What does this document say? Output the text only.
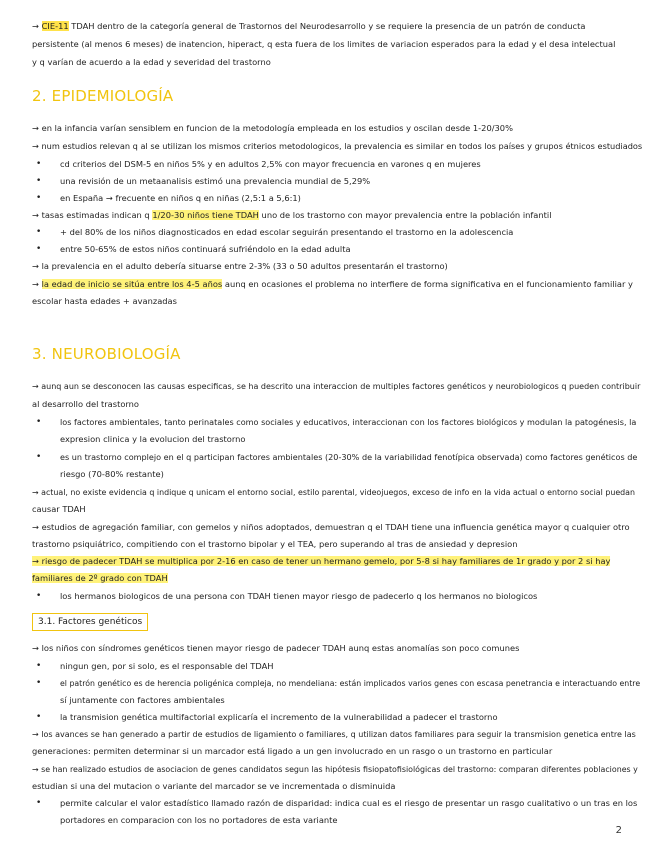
→ CIE-11 TDAH dentro de la categoría general de Trastornos del Neurodesarrollo y se requiere la presencia de un patrón de conducta
persistente (al menos 6 meses) de inatencion, hiperact, q esta fuera de los limites de variacion esperados para la edad y el desa intelectual
y q varían de acuerdo a la edad y severidad del trastorno
2. EPIDEMIOLOGÍA
→ en la infancia varían sensiblem en funcion de la metodología empleada en los estudios y oscilan desde 1-20/30%
→ num estudios relevan q al se utilizan los mismos criterios metodologicos, la prevalencia es similar en todos los países y grupos étnicos estudiados
• cd criterios del DSM-5 en niños 5% y en adultos 2,5% con mayor frecuencia en varones q en mujeres
• una revisión de un metaanalisis estimó una prevalencia mundial de 5,29%
• en España → frecuente en niños q en niñas (2,5:1 a 5,6:1)
→ tasas estimadas indican q 1/20-30 niños tiene TDAH uno de los trastorno con mayor prevalencia entre la población infantil
• + del 80% de los niños diagnosticados en edad escolar seguirán presentando el trastorno en la adolescencia
• entre 50-65% de estos niños continuará sufriéndolo en la edad adulta
→ la prevalencia en el adulto debería situarse entre 2-3% (33 o 50 adultos presentarán el trastorno)
→ la edad de inicio se sitúa entre los 4-5 años aunq en ocasiones el problema no interfiere de forma significativa en el funcionamiento familiar y
escolar hasta edades + avanzadas
3. NEUROBIOLOGÍA
→ aunq aun se desconocen las causas especificas, se ha descrito una interaccion de multiples factores genéticos y neurobiologicos q pueden contribuir
al desarrollo del trastorno
• los factores ambientales, tanto perinatales como sociales y educativos, interaccionan con los factores biológicos y modulan la patogénesis, la
expresion clinica y la evolucion del trastorno
• es un trastorno complejo en el q participan factores ambientales (20-30% de la variabilidad fenotípica observada) como factores genéticos de
riesgo (70-80% restante)
→ actual, no existe evidencia q indique q unicam el entorno social, estilo parental, videojuegos, exceso de info en la vida actual o entorno social puedan
causar TDAH
→ estudios de agregación familiar, con gemelos y niños adoptados, demuestran q el TDAH tiene una influencia genética mayor q cualquier otro
trastorno psiquiátrico, compitiendo con el trastorno bipolar y el TEA, pero superando al tras de ansiedad y depresion
→ riesgo de padecer TDAH se multiplica por 2-16 en caso de tener un hermano gemelo, por 5-8 si hay familiares de 1r grado y por 2 si hay
familiares de 2º grado con TDAH
• los hermanos biologicos de una persona con TDAH tienen mayor riesgo de padecerlo q los hermanos no biologicos
3.1. Factores genéticos
→ los niños con síndromes genéticos tienen mayor riesgo de padecer TDAH aunq estas anomalías son poco comunes
• ningun gen, por si solo, es el responsable del TDAH
• el patrón genético es de herencia poligénica compleja, no mendeliana: están implicados varios genes con escasa penetrancia e interactuando entre
sí juntamente con factores ambientales
• la transmision genética multifactorial explicaría el incremento de la vulnerabilidad a padecer el trastorno
→ los avances se han generado a partir de estudios de ligamiento o familiares, q utilizan datos familiares para seguir la transmision genetica entre las
generaciones: permiten determinar si un marcador está ligado a un gen involucrado en un rasgo o un trastorno en particular
→ se han realizado estudios de asociacion de genes candidatos segun las hipótesis fisiopatofisiológicas del trastorno: comparan diferentes poblaciones y
estudian si una del mutacion o variante del marcador se ve incrementada o disminuida
• permite calcular el valor estadístico llamado razón de disparidad: indica cual es el riesgo de presentar un rasgo cualitativo o un tras en los
portadores en comparacion con los no portadores de esta variante
2
